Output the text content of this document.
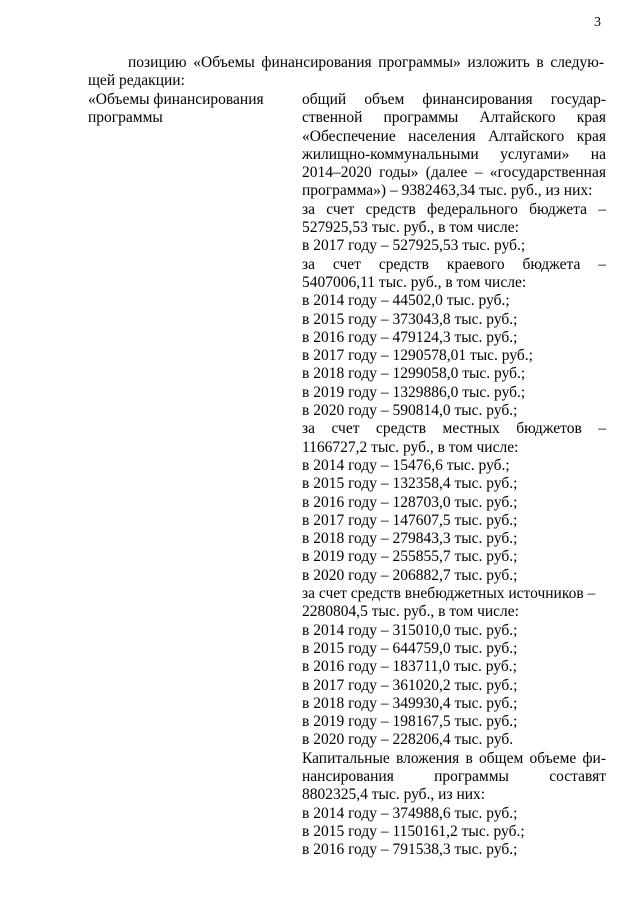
3
позицию «Объемы финансирования программы» изложить в следую-
щей редакции:
«Объемы финансирования
программы
общий объем финансирования государ-
ственной программы Алтайского края
«Обеспечение населения Алтайского края
жилищно-коммунальными услугами» на
2014–2020 годы» (далее – «государственная
программа») – 9382463,34 тыс. руб., из них:
за счет средств федерального бюджета –
527925,53 тыс. руб., в том числе:
в 2017 году – 527925,53 тыс. руб.;
за счет средств краевого бюджета –
5407006,11 тыс. руб., в том числе:
в 2014 году – 44502,0 тыс. руб.;
в 2015 году – 373043,8 тыс. руб.;
в 2016 году – 479124,3 тыс. руб.;
в 2017 году – 1290578,01 тыс. руб.;
в 2018 году – 1299058,0 тыс. руб.;
в 2019 году – 1329886,0 тыс. руб.;
в 2020 году – 590814,0 тыс. руб.;
за счет средств местных бюджетов –
1166727,2 тыс. руб., в том числе:
в 2014 году – 15476,6 тыс. руб.;
в 2015 году – 132358,4 тыс. руб.;
в 2016 году – 128703,0 тыс. руб.;
в 2017 году – 147607,5 тыс. руб.;
в 2018 году – 279843,3 тыс. руб.;
в 2019 году – 255855,7 тыс. руб.;
в 2020 году – 206882,7 тыс. руб.;
за счет средств внебюджетных источников –
2280804,5 тыс. руб., в том числе:
в 2014 году – 315010,0 тыс. руб.;
в 2015 году – 644759,0 тыс. руб.;
в 2016 году – 183711,0 тыс. руб.;
в 2017 году – 361020,2 тыс. руб.;
в 2018 году – 349930,4 тыс. руб.;
в 2019 году – 198167,5 тыс. руб.;
в 2020 году – 228206,4 тыс. руб.
Капитальные вложения в общем объеме фи-
нансирования программы составят
8802325,4 тыс. руб., из них:
в 2014 году – 374988,6 тыс. руб.;
в 2015 году – 1150161,2 тыс. руб.;
в 2016 году – 791538,3 тыс. руб.;
